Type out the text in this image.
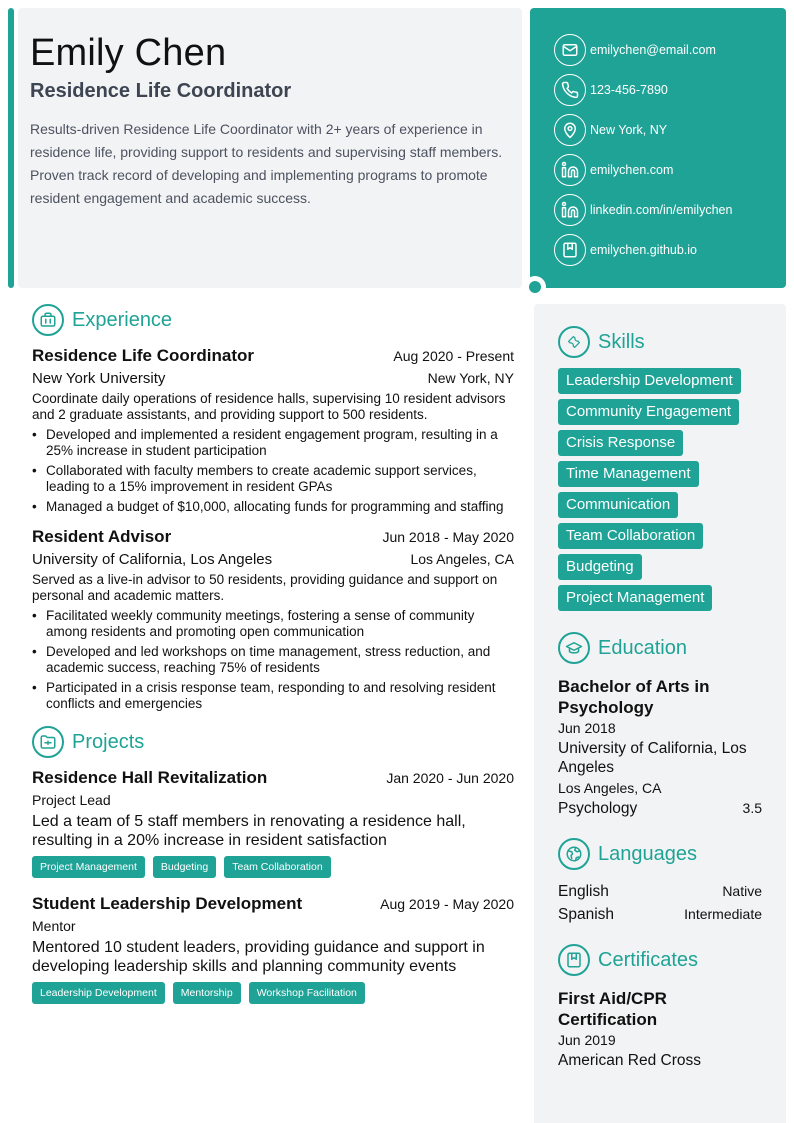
Emily Chen
Residence Life Coordinator
Results-driven Residence Life Coordinator with 2+ years of experience in residence life, providing support to residents and supervising staff members. Proven track record of developing and implementing programs to promote resident engagement and academic success.
emilychen@email.com
123-456-7890
New York, NY
emilychen.com
linkedin.com/in/emilychen
emilychen.github.io
Experience
Residence Life Coordinator	Aug 2020 - Present
New York University	New York, NY
Coordinate daily operations of residence halls, supervising 10 resident advisors and 2 graduate assistants, and providing support to 500 residents.
• Developed and implemented a resident engagement program, resulting in a 25% increase in student participation
• Collaborated with faculty members to create academic support services, leading to a 15% improvement in resident GPAs
• Managed a budget of $10,000, allocating funds for programming and staffing
Resident Advisor	Jun 2018 - May 2020
University of California, Los Angeles	Los Angeles, CA
Served as a live-in advisor to 50 residents, providing guidance and support on personal and academic matters.
• Facilitated weekly community meetings, fostering a sense of community among residents and promoting open communication
• Developed and led workshops on time management, stress reduction, and academic success, reaching 75% of residents
• Participated in a crisis response team, responding to and resolving resident conflicts and emergencies
Projects
Residence Hall Revitalization	Jan 2020 - Jun 2020
Project Lead
Led a team of 5 staff members in renovating a residence hall, resulting in a 20% increase in resident satisfaction
Project Management	Budgeting	Team Collaboration
Student Leadership Development	Aug 2019 - May 2020
Mentor
Mentored 10 student leaders, providing guidance and support in developing leadership skills and planning community events
Leadership Development	Mentorship	Workshop Facilitation
Skills
Leadership Development
Community Engagement
Crisis Response
Time Management
Communication
Team Collaboration
Budgeting
Project Management
Education
Bachelor of Arts in Psychology
Jun 2018
University of California, Los Angeles
Los Angeles, CA
Psychology	3.5
Languages
English	Native
Spanish	Intermediate
Certificates
First Aid/CPR Certification
Jun 2019
American Red Cross
